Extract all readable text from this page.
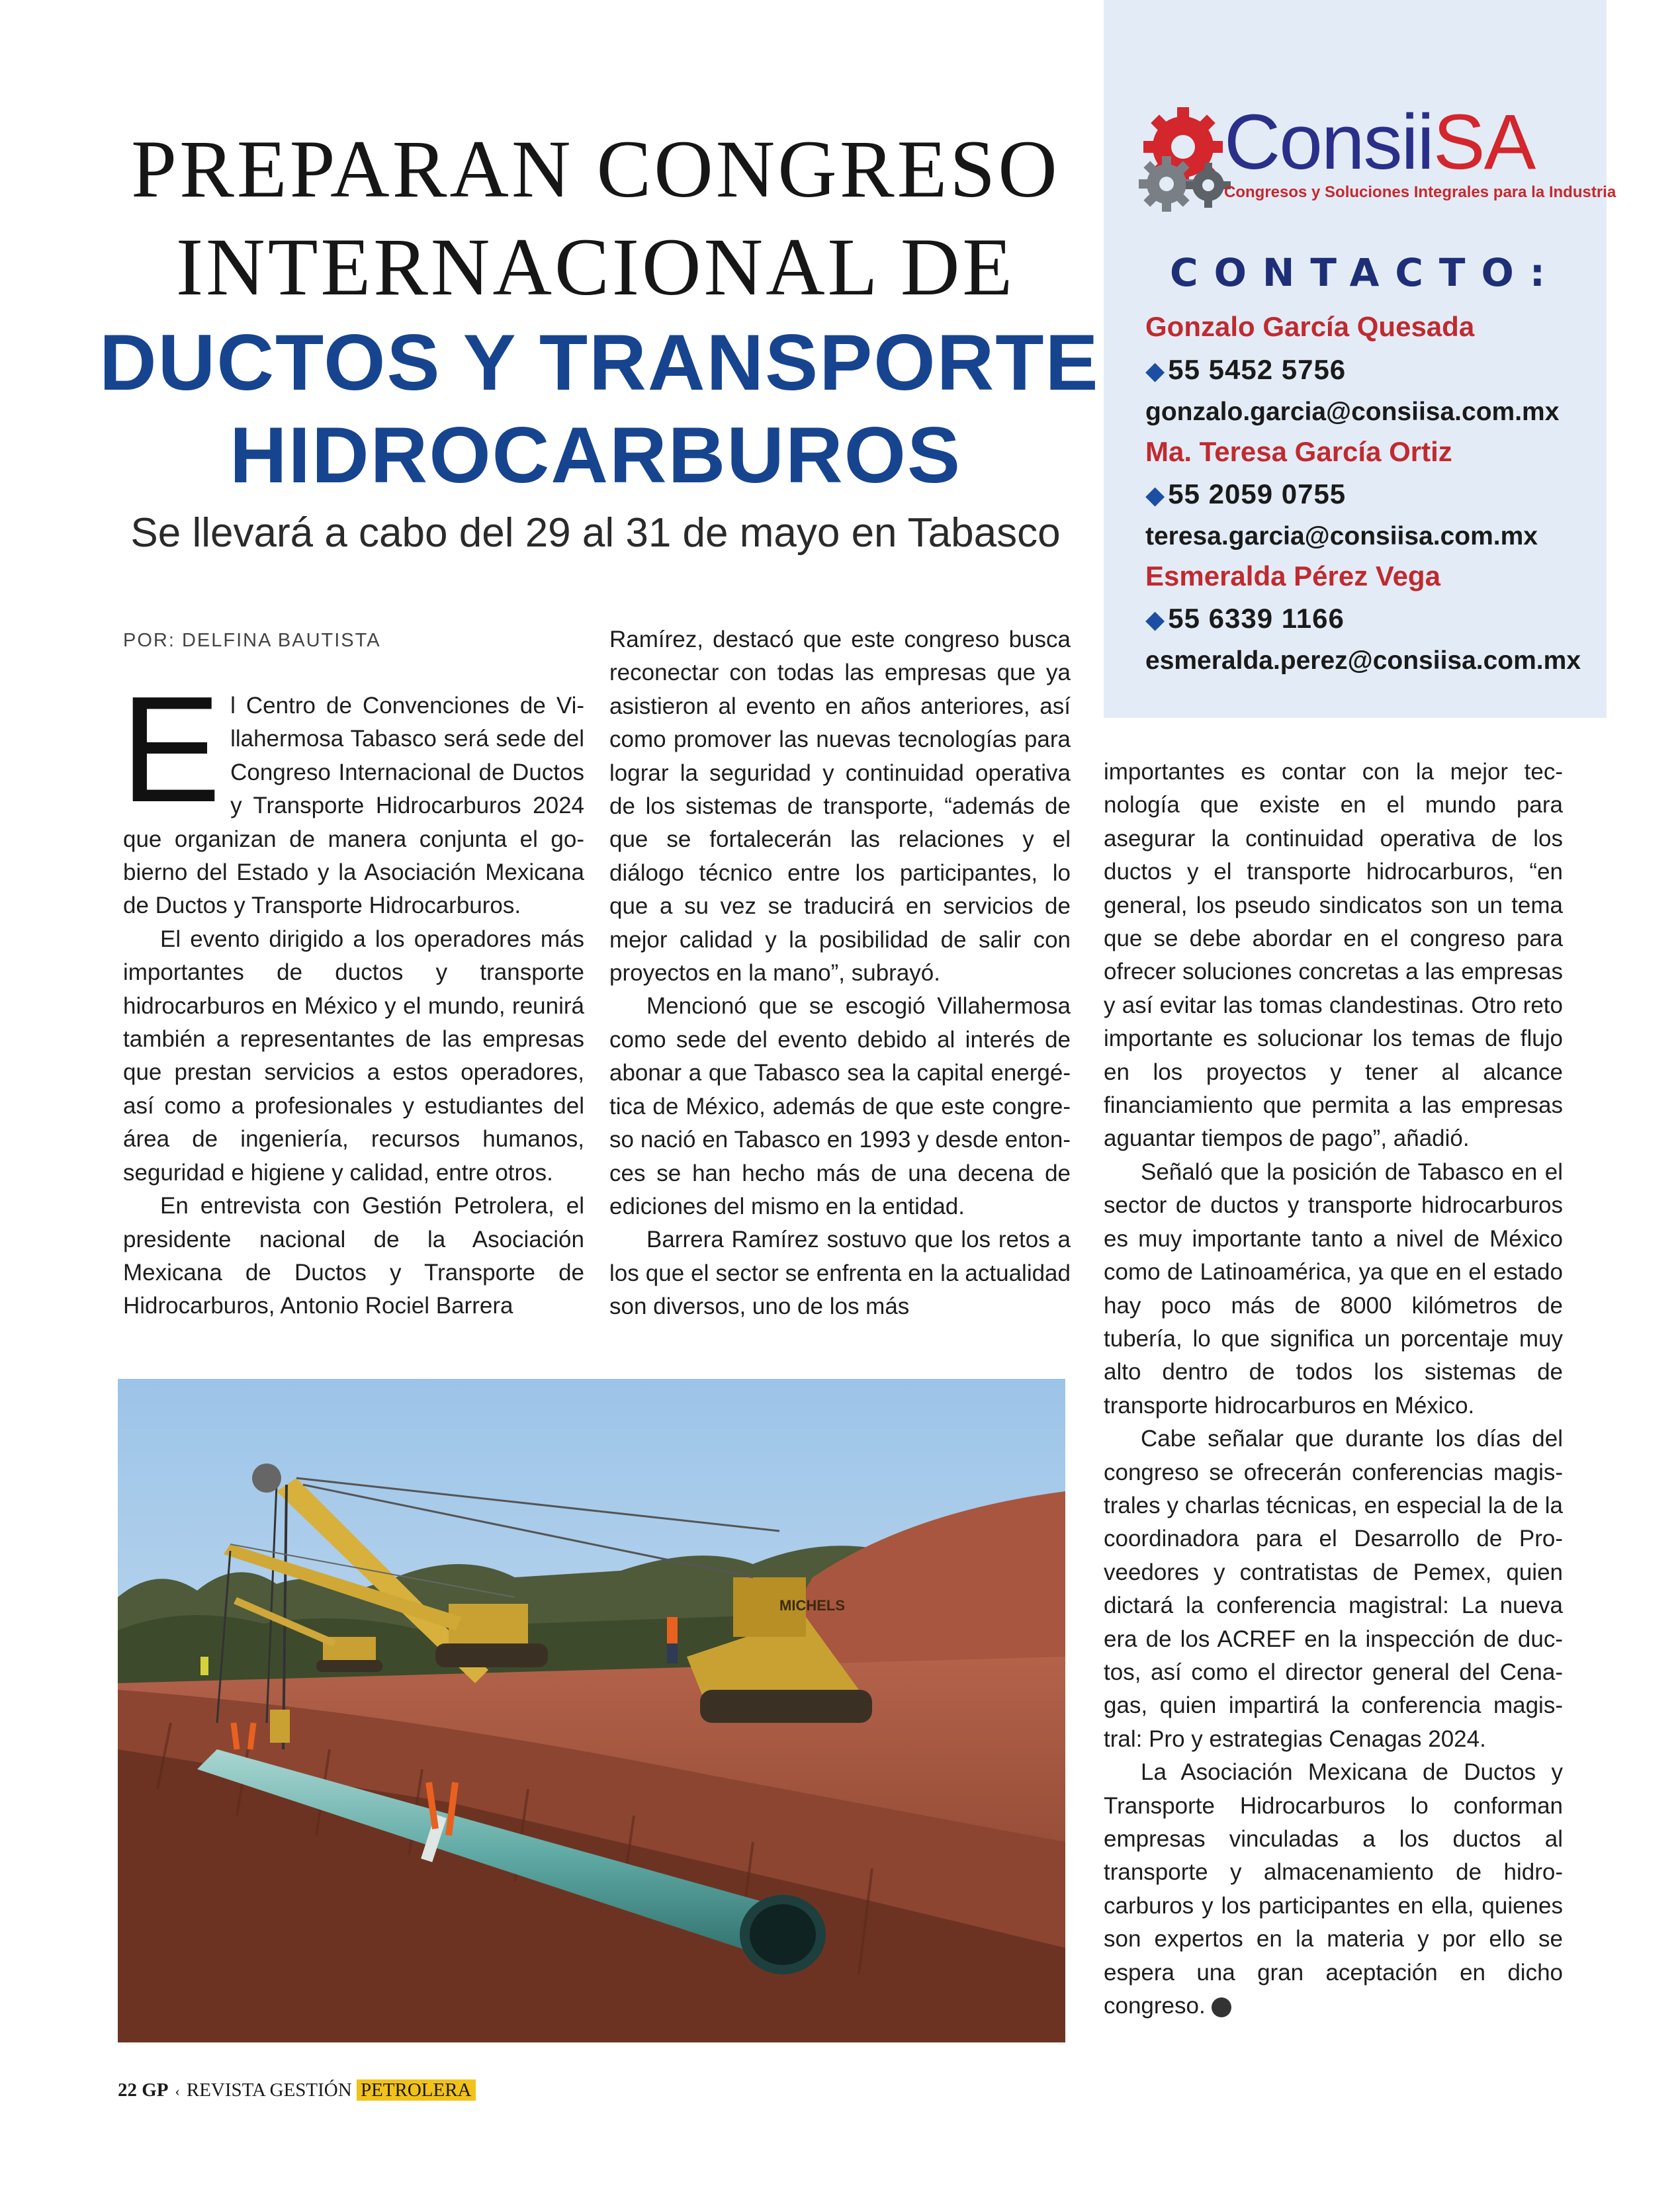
PREPARAN CONGRESO
INTERNACIONAL DE
DUCTOS Y TRANSPORTE
HIDROCARBUROS
Se llevará a cabo del 29 al 31 de mayo en Tabasco
POR: DELFINA BAUTISTA

El Centro de Convenciones de Villahermosa Tabasco será sede del Congreso Internacional de Ductos y Transporte Hidrocarburos 2024 que organizan de manera conjunta el gobierno del Estado y la Asociación Mexicana de Ductos y Transporte Hidrocarburos.

El evento dirigido a los operadores más importantes de ductos y transporte hidrocarburos en México y el mundo, reunirá también a representantes de las empresas que prestan servicios a estos operadores, así como a profesionales y estudiantes del área de ingeniería, recursos humanos, seguridad e higiene y calidad, entre otros.

En entrevista con Gestión Petrolera, el presidente nacional de la Asociación Mexicana de Ductos y Transporte de Hidrocarburos, Antonio Rociel Barrera

Ramírez, destacó que este congreso busca reconectar con todas las empresas que ya asistieron al evento en años anteriores, así como promover las nuevas tecnologías para lograr la seguridad y continuidad operativa de los sistemas de transporte, “además de que se fortalecerán las relaciones y el diálogo técnico entre los participantes, lo que a su vez se traducirá en servicios de mejor calidad y la posibilidad de salir con proyectos en la mano”, subrayó.

Mencionó que se escogió Villahermosa como sede del evento debido al interés de abonar a que Tabasco sea la capital energética de México, además de que este congreso nació en Tabasco en 1993 y desde entonces se han hecho más de una decena de ediciones del mismo en la entidad.

Barrera Ramírez sostuvo que los retos a los que el sector se enfrenta en la actualidad son diversos, uno de los más

importantes es contar con la mejor tecnología que existe en el mundo para asegurar la continuidad operativa de los ductos y el transporte hidrocarburos, “en general, los pseudo sindicatos son un tema que se debe abordar en el congreso para ofrecer soluciones concretas a las empresas y así evitar las tomas clandestinas. Otro reto importante es solucionar los temas de flujo en los proyectos y tener al alcance financiamiento que permita a las empresas aguantar tiempos de pago”, añadió.

Señaló que la posición de Tabasco en el sector de ductos y transporte hidrocarburos es muy importante tanto a nivel de México como de Latinoamérica, ya que en el estado hay poco más de 8000 kilómetros de tubería, lo que significa un porcentaje muy alto dentro de todos los sistemas de transporte hidrocarburos en México.

Cabe señalar que durante los días del congreso se ofrecerán conferencias magistrales y charlas técnicas, en especial la de la coordinadora para el Desarrollo de Proveedores y contratistas de Pemex, quien dictará la conferencia magistral: La nueva era de los ACREF en la inspección de ductos, así como el director general del Cenagas, quien impartirá la conferencia magistral: Pro y estrategias Cenagas 2024.

La Asociación Mexicana de Ductos y Transporte Hidrocarburos lo conforman empresas vinculadas a los ductos al transporte y almacenamiento de hidrocarburos y los participantes en ella, quienes son expertos en la materia y por ello se espera una gran aceptación en dicho congreso.	GP

ConsiiSA
Congresos y Soluciones Integrales para la Industria
CONTACTO:
Gonzalo García Quesada
◆55 5452 5756
gonzalo.garcia@consiisa.com.mx
Ma. Teresa García Ortiz
◆55 2059 0755
teresa.garcia@consiisa.com.mx
Esmeralda Pérez Vega
◆55 6339 1166
esmeralda.perez@consiisa.com.mx
MICHELS
22 GP ‹ REVISTA GESTIÓN PETROLERA
